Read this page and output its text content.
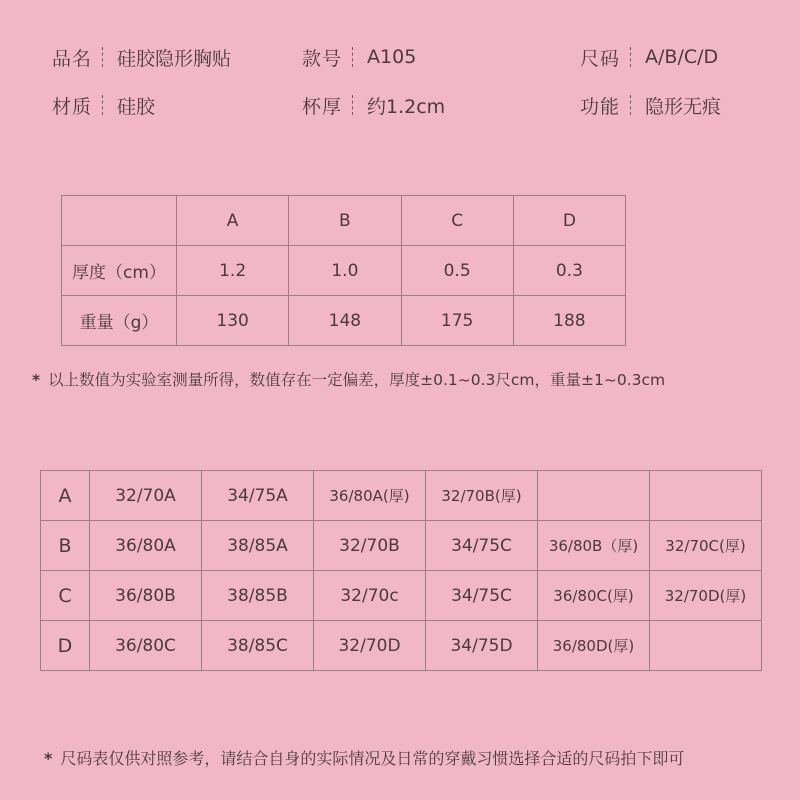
品名 硅胶隐形胸贴	款号 A105	尺码 A/B/C/D
材质 硅胶	杯厚 约1.2cm	功能 隐形无痕
	A	B	C	D
厚度（cm）	1.2	1.0	0.5	0.3
重量（g）	130	148	175	188
* 以上数值为实验室测量所得，数值存在一定偏差，厚度±0.1~0.3尺cm，重量±1~0.3cm
A	32/70A	34/75A	36/80A(厚)	32/70B(厚)		
B	36/80A	38/85A	32/70B	34/75C	36/80B（厚)	32/70C(厚)
C	36/80B	38/85B	32/70c	34/75C	36/80C(厚)	32/70D(厚)
D	36/80C	38/85C	32/70D	34/75D	36/80D(厚)	
* 尺码表仅供对照参考，请结合自身的实际情况及日常的穿戴习惯选择合适的尺码拍下即可
